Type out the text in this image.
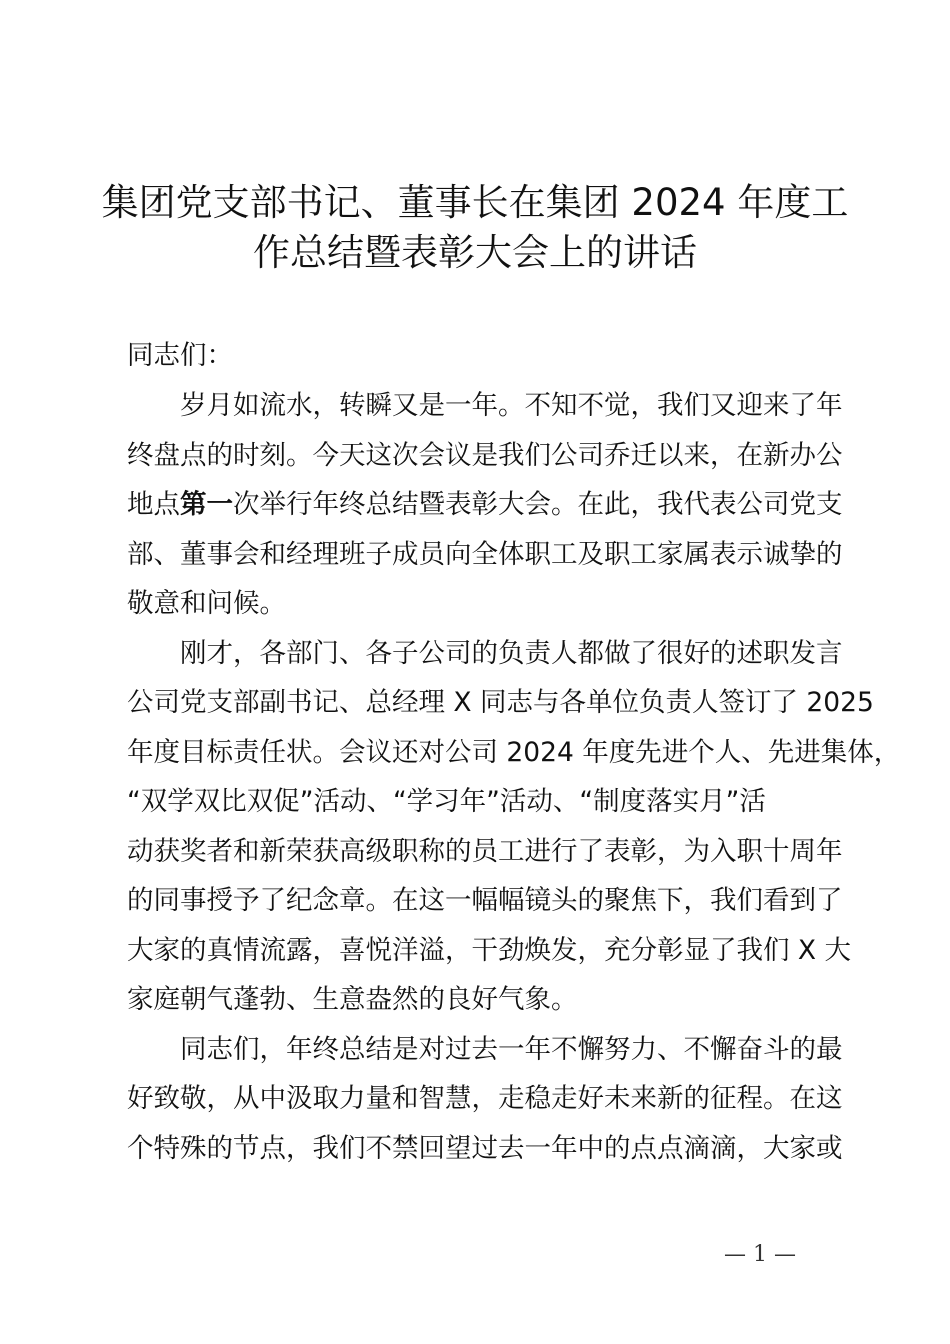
集团党支部书记、董事长在集团 2024 年度工
作总结暨表彰大会上的讲话
同志们：
岁月如流水，转瞬又是一年。不知不觉，我们又迎来了年
终盘点的时刻。今天这次会议是我们公司乔迁以来，在新办公
地点第一次举行年终总结暨表彰大会。在此，我代表公司党支
部、董事会和经理班子成员向全体职工及职工家属表示诚挚的
敬意和问候。
刚才，各部门、各子公司的负责人都做了很好的述职发言
公司党支部副书记、总经理 X 同志与各单位负责人签订了 2025
年度目标责任状。会议还对公司 2024 年度先进个人、先进集体，
“双学双比双促”活动、“学习年”活动、“制度落实月”活
动获奖者和新荣获高级职称的员工进行了表彰，为入职十周年
的同事授予了纪念章。在这一幅幅镜头的聚焦下，我们看到了
大家的真情流露，喜悦洋溢，干劲焕发，充分彰显了我们 X 大
家庭朝气蓬勃、生意盎然的良好气象。
同志们，年终总结是对过去一年不懈努力、不懈奋斗的最
好致敬，从中汲取力量和智慧，走稳走好未来新的征程。在这
个特殊的节点，我们不禁回望过去一年中的点点滴滴，大家或
— 1 —
